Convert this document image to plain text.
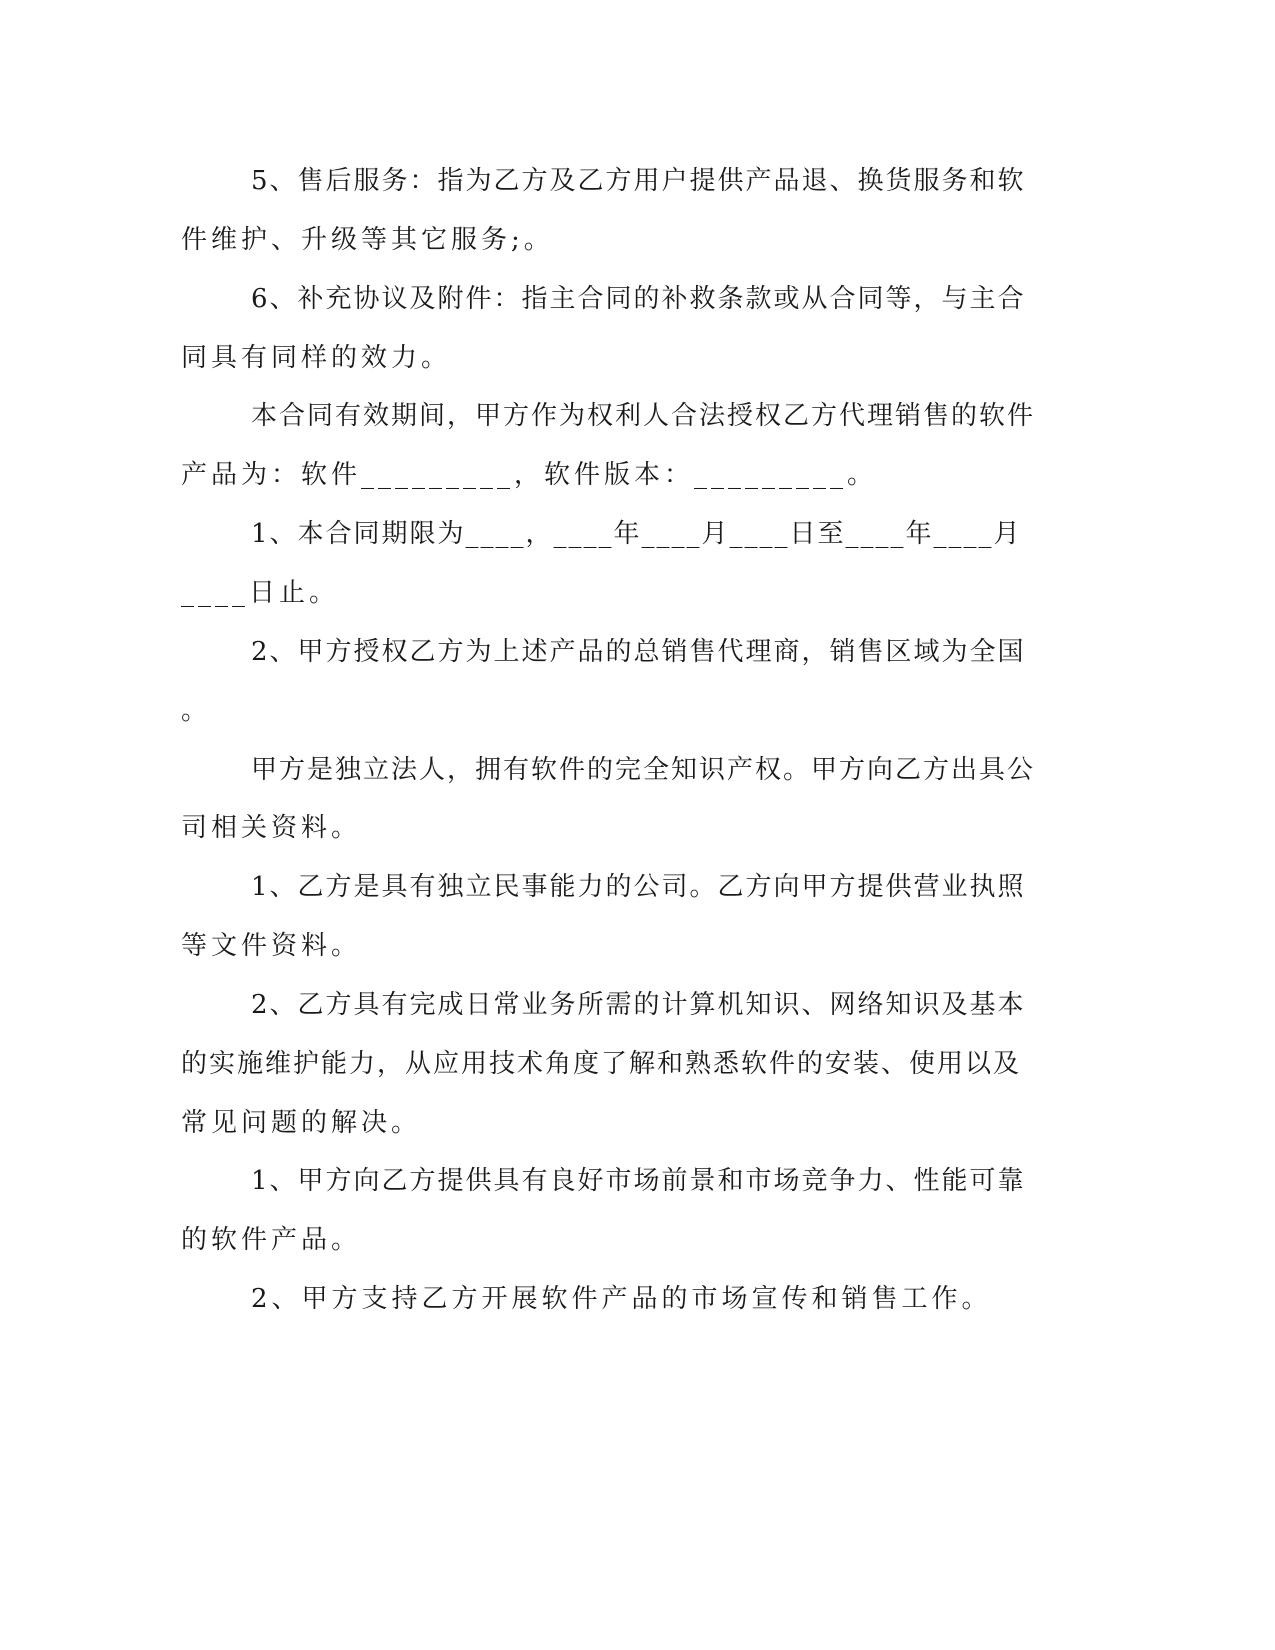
5、售后服务：指为乙方及乙方用户提供产品退、换货服务和软
件维护、升级等其它服务;。
6、补充协议及附件：指主合同的补救条款或从合同等，与主合
同具有同样的效力。
本合同有效期间，甲方作为权利人合法授权乙方代理销售的软件
产品为：软件_________，软件版本：_________。
1、本合同期限为____，____年____月____日至____年____月
____日止。
2、甲方授权乙方为上述产品的总销售代理商，销售区域为全国
。
甲方是独立法人，拥有软件的完全知识产权。甲方向乙方出具公
司相关资料。
1、乙方是具有独立民事能力的公司。乙方向甲方提供营业执照
等文件资料。
2、乙方具有完成日常业务所需的计算机知识、网络知识及基本
的实施维护能力，从应用技术角度了解和熟悉软件的安装、使用以及
常见问题的解决。
1、甲方向乙方提供具有良好市场前景和市场竞争力、性能可靠
的软件产品。
2、甲方支持乙方开展软件产品的市场宣传和销售工作。
